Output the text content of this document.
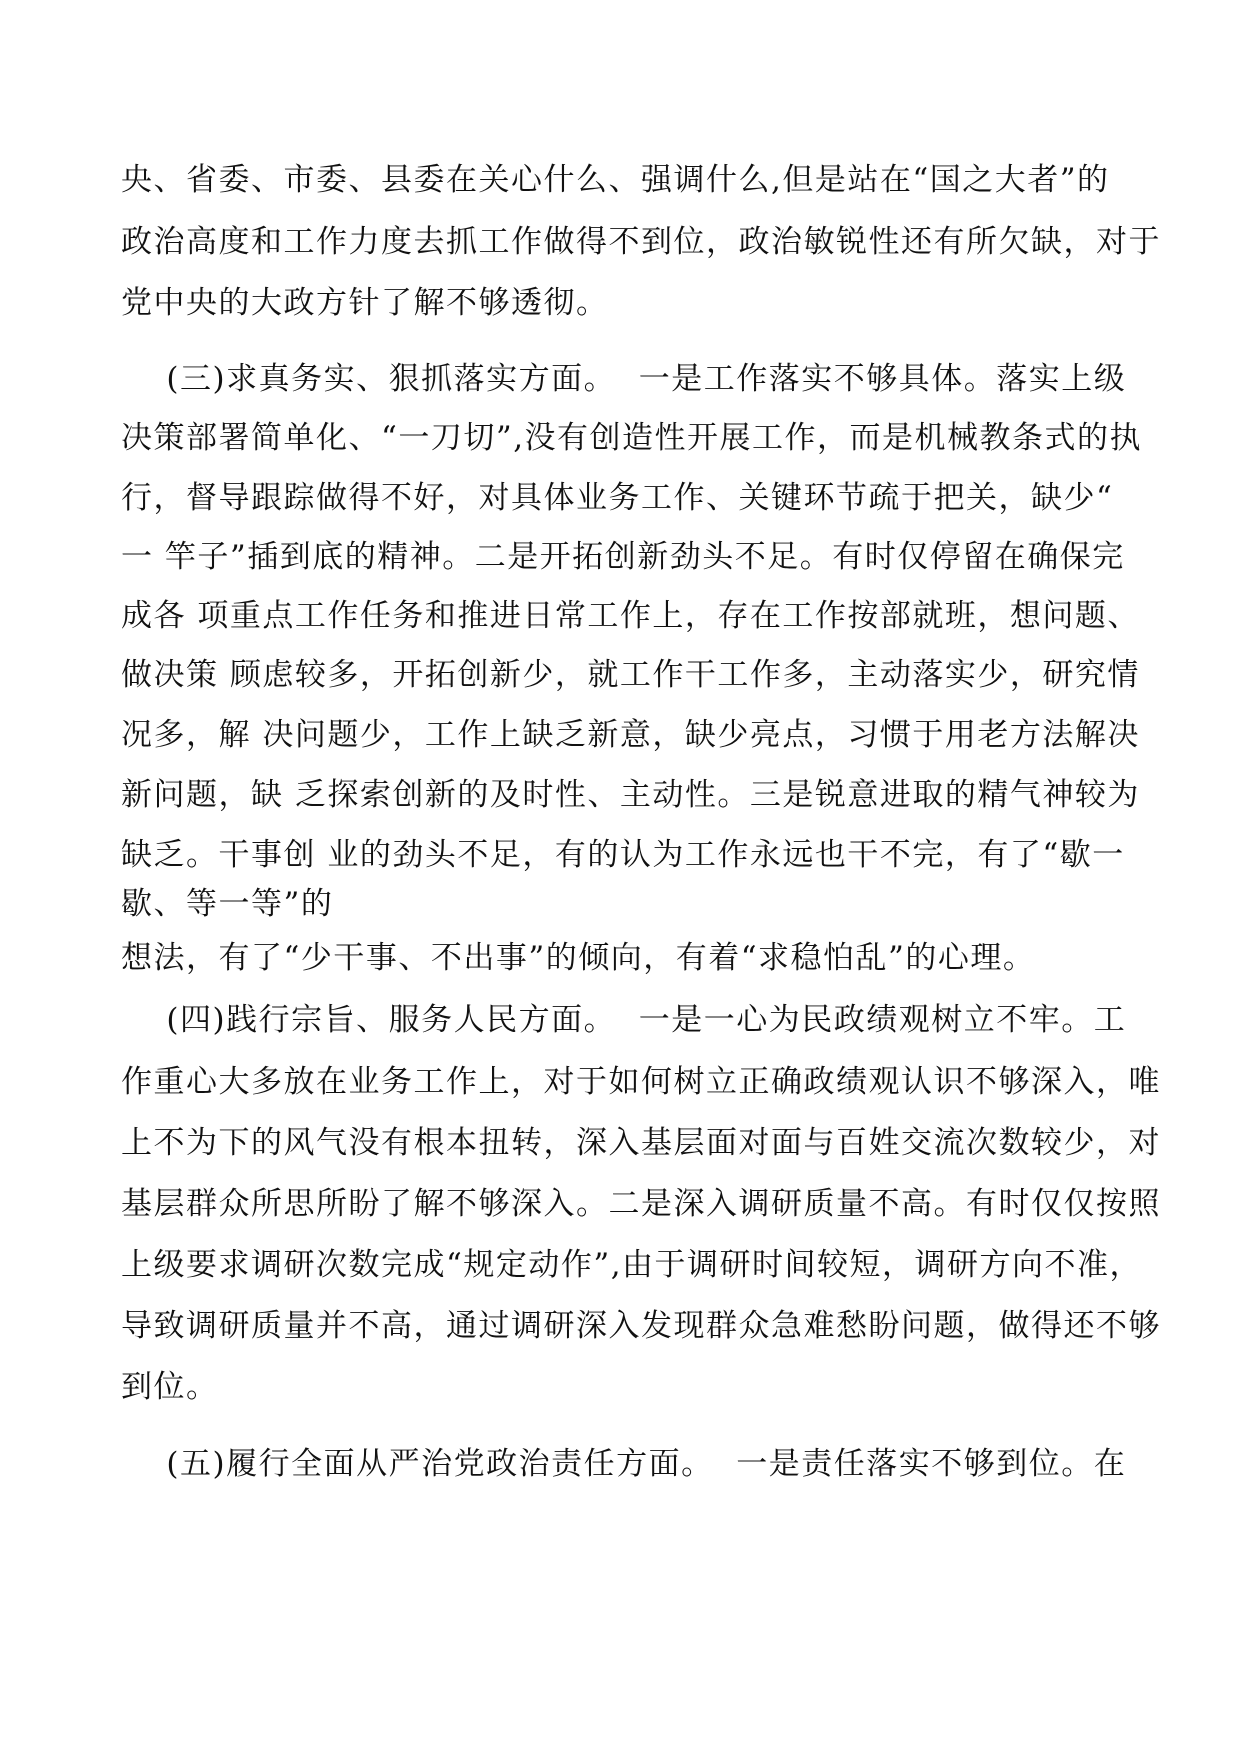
央、省委、市委、县委在关心什么、强调什么,但是站在“国之大者”的
政治高度和工作力度去抓工作做得不到位，政治敏锐性还有所欠缺，对于
党中央的大政方针了解不够透彻。
(三)求真务实、狠抓落实方面。  一是工作落实不够具体。落实上级
决策部署简单化、“一刀切”,没有创造性开展工作，而是机械教条式的执
行，督导跟踪做得不好，对具体业务工作、关键环节疏于把关，缺少“
一 竿子”插到底的精神。二是开拓创新劲头不足。有时仅停留在确保完
成各 项重点工作任务和推进日常工作上，存在工作按部就班，想问题、
做决策 顾虑较多，开拓创新少，就工作干工作多，主动落实少，研究情
况多，解 决问题少，工作上缺乏新意，缺少亮点，习惯于用老方法解决
新问题，缺 乏探索创新的及时性、主动性。三是锐意进取的精气神较为
缺乏。干事创 业的劲头不足，有的认为工作永远也干不完，有了“歇一
歇、等一等”的
想法，有了“少干事、不出事”的倾向，有着“求稳怕乱”的心理。
(四)践行宗旨、服务人民方面。  一是一心为民政绩观树立不牢。工
作重心大多放在业务工作上，对于如何树立正确政绩观认识不够深入，唯
上不为下的风气没有根本扭转，深入基层面对面与百姓交流次数较少，对
基层群众所思所盼了解不够深入。二是深入调研质量不高。有时仅仅按照
上级要求调研次数完成“规定动作”,由于调研时间较短，调研方向不准，
导致调研质量并不高，通过调研深入发现群众急难愁盼问题，做得还不够
到位。
(五)履行全面从严治党政治责任方面。  一是责任落实不够到位。在
